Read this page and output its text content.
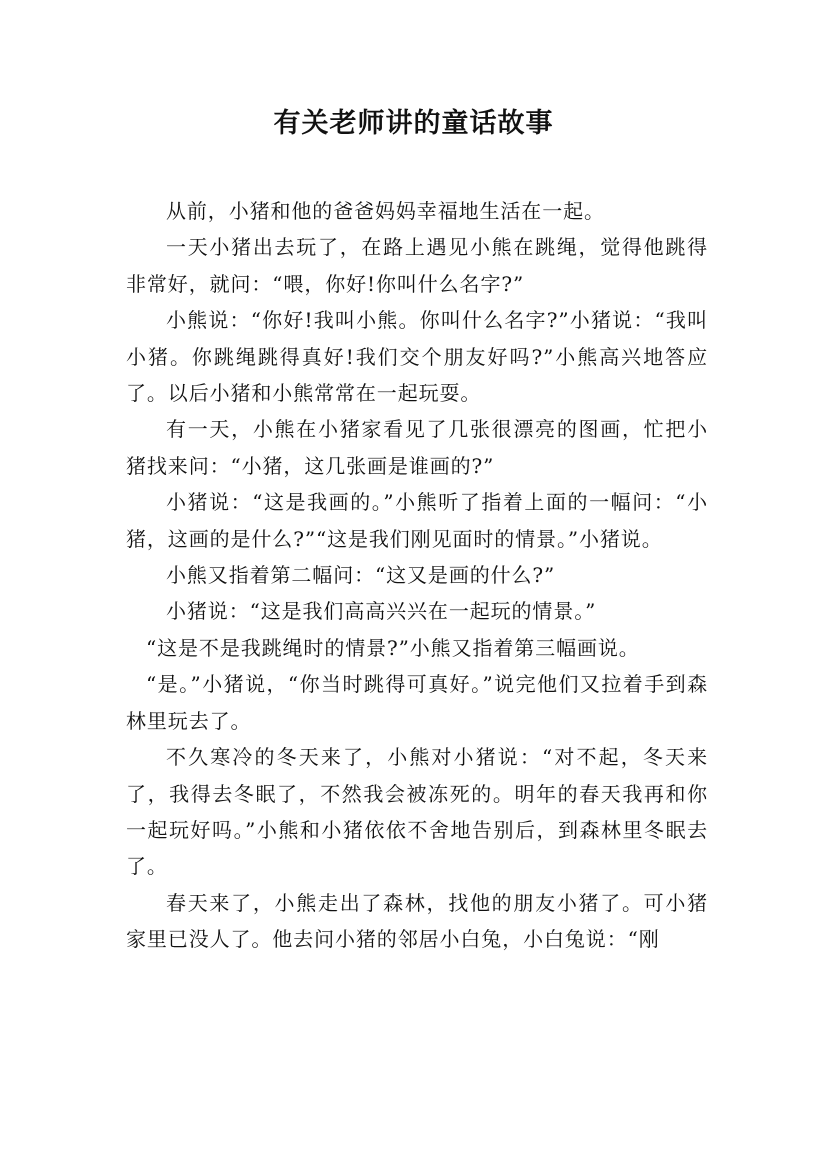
有关老师讲的童话故事

从前，小猪和他的爸爸妈妈幸福地生活在一起。

一天小猪出去玩了，在路上遇见小熊在跳绳，觉得他跳得非常好，就问：“喂，你好!你叫什么名字?”

小熊说：“你好!我叫小熊。你叫什么名字?”小猪说：“我叫小猪。你跳绳跳得真好!我们交个朋友好吗?”小熊高兴地答应了。以后小猪和小熊常常在一起玩耍。

有一天，小熊在小猪家看见了几张很漂亮的图画，忙把小猪找来问：“小猪，这几张画是谁画的?”

小猪说：“这是我画的。”小熊听了指着上面的一幅问：“小猪，这画的是什么?”“这是我们刚见面时的情景。”小猪说。

小熊又指着第二幅问：“这又是画的什么?”

小猪说：“这是我们高高兴兴在一起玩的情景。”

“这是不是我跳绳时的情景?”小熊又指着第三幅画说。

“是。”小猪说，“你当时跳得可真好。”说完他们又拉着手到森林里玩去了。

不久寒冷的冬天来了，小熊对小猪说：“对不起，冬天来了，我得去冬眠了，不然我会被冻死的。明年的春天我再和你一起玩好吗。”小熊和小猪依依不舍地告别后，到森林里冬眠去了。

春天来了，小熊走出了森林，找他的朋友小猪了。可小猪家里已没人了。他去问小猪的邻居小白兔，小白兔说：“刚
